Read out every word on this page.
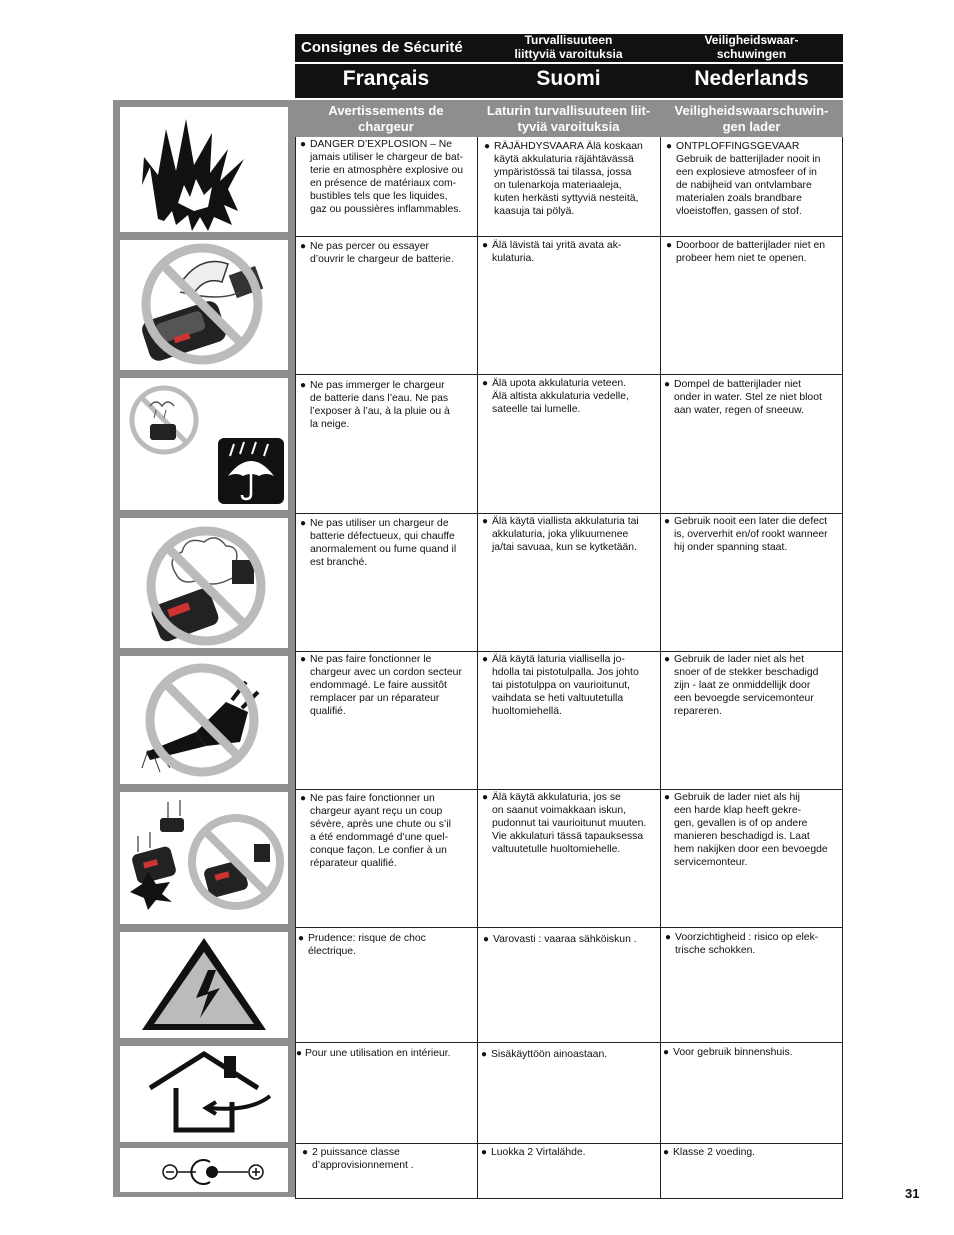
Consignes de Sécurité	Turvallisuuteen
liittyviä varoituksia
Veiligheidswaar-
schuwingen
Français	Suomi	Nederlands
Avertissements de chargeur
Laturin turvallisuuteen liit-
tyviä varoituksia
Veiligheidswaarschuwin-
gen lader
● DANGER D’EXPLOSION – Ne
jamais utiliser le chargeur de bat-
terie en atmosphère explosive ou
en présence de matériaux com-
bustibles tels que les liquides,
gaz ou poussières inflammables.
● RÄJÄHDYSVAARA Älä koskaan
käytä akkulaturia räjähtävässä
ympäristössä tai tilassa, jossa
on tulenarkoja materiaaleja,
kuten herkästi syttyviä nesteitä,
kaasuja tai pölyä.
● ONTPLOFFINGSGEVAAR
Gebruik de batterijlader nooit in
een explosieve atmosfeer of in
de nabijheid van ontvlambare
materialen zoals brandbare
vloeistoffen, gassen of stof.
● Ne pas percer ou essayer
d’ouvrir le chargeur de batterie.
● Älä lävistä tai yritä avata ak-
kulaturia.
● Doorboor de batterijlader niet en
probeer hem niet te openen.
● Ne pas immerger le chargeur
de batterie dans l’eau. Ne pas
l’exposer à l’au, à la pluie ou à
la neige.
● Älä upota akkulaturia veteen.
Älä altista akkulaturia vedelle,
sateelle tai lumelle.
● Dompel de batterijlader niet
onder in water. Stel ze niet bloot
aan water, regen of sneeuw.
● Ne pas utiliser un chargeur de
batterie défectueux, qui chauffe
anormalement ou fume quand il
est branché.
● Älä käytä viallista akkulaturia tai
akkulaturia, joka ylikuumenee
ja/tai savuaa, kun se kytketään.
● Gebruik nooit een later die defect
is, oververhit en/of rookt wanneer
hij onder spanning staat.
● Ne pas faire fonctionner le
chargeur avec un cordon secteur
endommagé. Le faire aussitôt
remplacer par un réparateur
qualifié.
● Älä käytä laturia viallisella jo-
hdolla tai pistotulpalla. Jos johto
tai pistotulppa on vaurioitunut,
vaihdata se heti valtuutetulla
huoltomiehellä.
● Gebruik de lader niet als het
snoer of de stekker beschadigd
zijn - laat ze onmiddellijk door
een bevoegde servicemonteur
repareren.
● Ne pas faire fonctionner un
chargeur ayant reçu un coup
sévère, après une chute ou s’il
a été endommagé d’une quel-
conque façon. Le confier à un
réparateur qualifié.
● Älä käytä akkulaturia, jos se
on saanut voimakkaan iskun,
pudonnut tai vaurioitunut muuten.
Vie akkulaturi tässä tapauksessa
valtuutetulle huoltomiehelle.
● Gebruik de lader niet als hij
een harde klap heeft gekre-
gen, gevallen is of op andere
manieren beschadigd is. Laat
hem nakijken door een bevoegde
servicemonteur.
● Prudence: risque de choc
électrique.
● Varovasti : vaaraa sähköiskun .	● Voorzichtigheid : risico op elek-
trische schokken.
● Pour une utilisation en intérieur.	● Sisäkäyttöön ainoastaan.	● Voor gebruik binnenshuis.
● 2 puissance classe
d’approvisionnement .
● Luokka 2 Virtalähde.	● Klasse 2 voeding.
31
